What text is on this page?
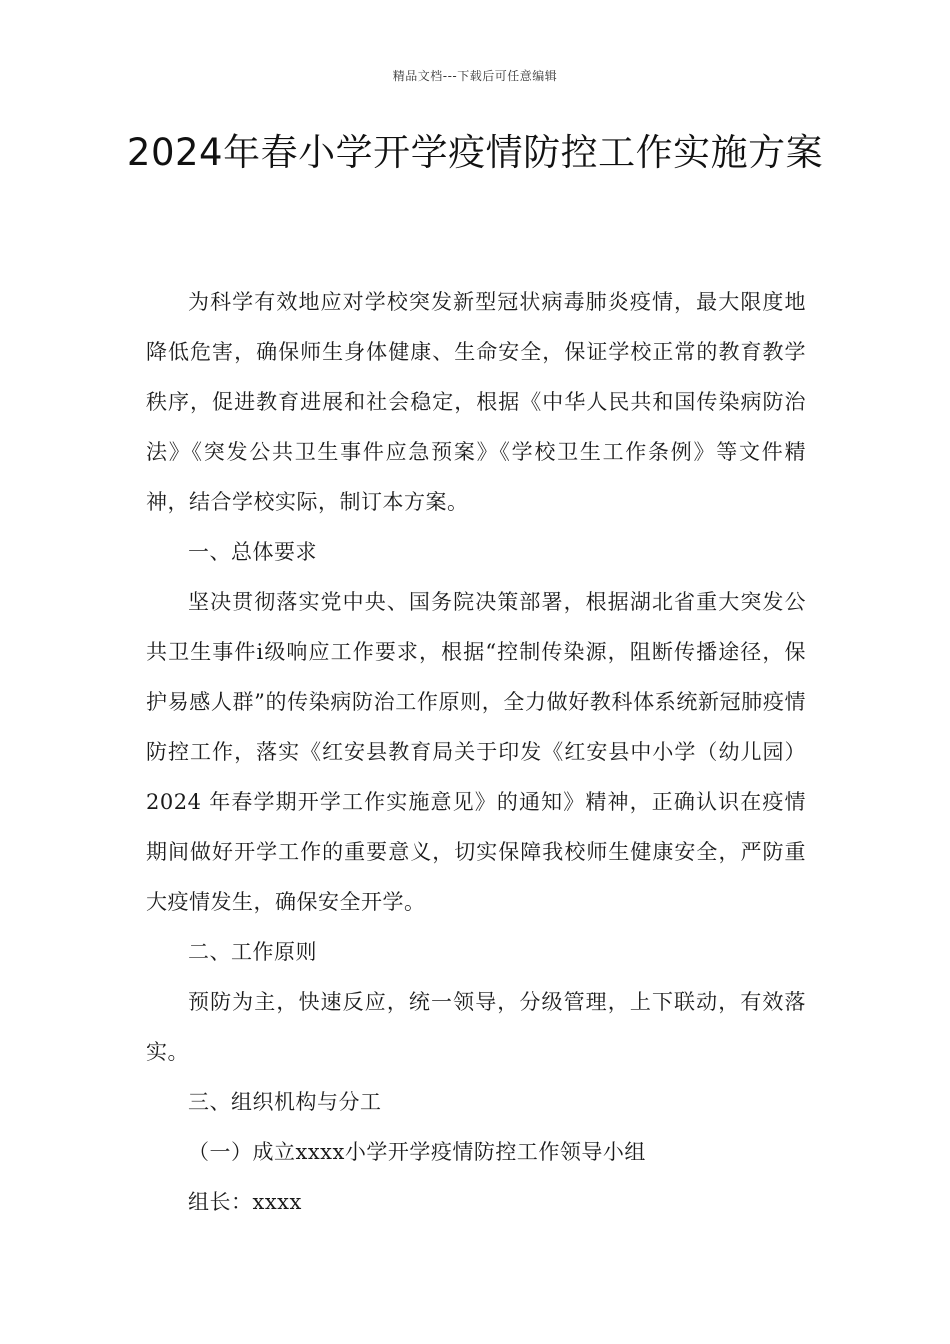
精品文档---下载后可任意编辑
2024年春小学开学疫情防控工作实施方案

为科学有效地应对学校突发新型冠状病毒肺炎疫情，最大限度地降低危害，确保师生身体健康、生命安全，保证学校正常的教育教学秩序，促进教育进展和社会稳定，根据《中华人民共和国传染病防治法》《突发公共卫生事件应急预案》《学校卫生工作条例》等文件精神，结合学校实际，制订本方案。

一、总体要求

坚决贯彻落实党中央、国务院决策部署，根据湖北省重大突发公共卫生事件ⅰ级响应工作要求，根据“控制传染源，阻断传播途径，保护易感人群”的传染病防治工作原则，全力做好教科体系统新冠肺疫情防控工作，落实《红安县教育局关于印发《红安县中小学（幼儿园）2024 年春学期开学工作实施意见》的通知》精神，正确认识在疫情期间做好开学工作的重要意义，切实保障我校师生健康安全，严防重大疫情发生，确保安全开学。

二、工作原则

预防为主，快速反应，统一领导，分级管理，上下联动，有效落实。

三、组织机构与分工

（一）成立xxxx小学开学疫情防控工作领导小组

组长：xxxx
